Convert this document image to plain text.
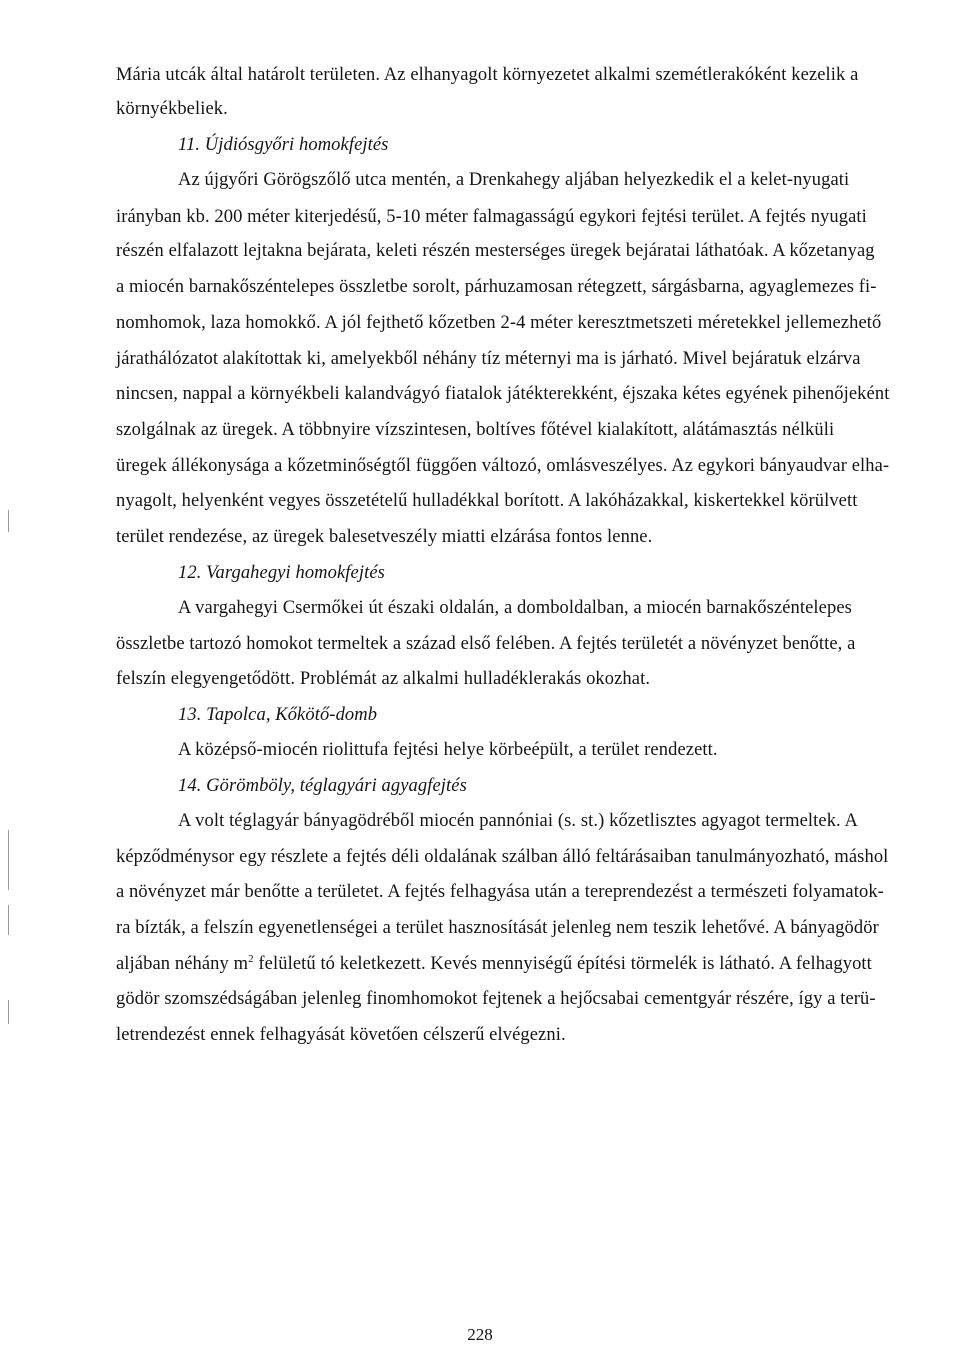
Mária utcák által határolt területen. Az elhanyagolt környezetet alkalmi szemétlerakóként kezelik a
környékbeliek.
11. Újdiósgyőri homokfejtés
Az újgyőri Görögszőlő utca mentén, a Drenkahegy aljában helyezkedik el a kelet-nyugati
irányban kb. 200 méter kiterjedésű, 5-10 méter falmagasságú egykori fejtési terület. A fejtés nyugati
részén elfalazott lejtakna bejárata, keleti részén mesterséges üregek bejáratai láthatóak. A kőzetanyag
a miocén barnakőszéntelepes összletbe sorolt, párhuzamosan rétegzett, sárgásbarna, agyaglemezes fi-
nomhomok, laza homokkő. A jól fejthető kőzetben 2-4 méter keresztmetszeti méretekkel jellemezhető
járathálózatot alakítottak ki, amelyekből néhány tíz méternyi ma is járható. Mivel bejáratuk elzárva
nincsen, nappal a környékbeli kalandvágyó fiatalok játékterekként, éjszaka kétes egyének pihenőjeként
szolgálnak az üregek. A többnyire vízszintesen, boltíves főtével kialakított, alátámasztás nélküli
üregek állékonysága a kőzetminőségtől függően változó, omlásveszélyes. Az egykori bányaudvar elha-
nyagolt, helyenként vegyes összetételű hulladékkal borított. A lakóházakkal, kiskertekkel körülvett
terület rendezése, az üregek balesetveszély miatti elzárása fontos lenne.
12. Vargahegyi homokfejtés
A vargahegyi Csermőkei út északi oldalán, a domboldalban, a miocén barnakőszéntelepes
összletbe tartozó homokot termeltek a század első felében. A fejtés területét a növényzet benőtte, a
felszín elegyengetődött. Problémát az alkalmi hulladéklerakás okozhat.
13. Tapolca, Kőkötő-domb
A középső-miocén riolittufa fejtési helye körbeépült, a terület rendezett.
14. Görömböly, téglagyári agyagfejtés
A volt téglagyár bányagödréből miocén pannóniai (s. st.) kőzetlisztes agyagot termeltek. A
képződménysor egy részlete a fejtés déli oldalának szálban álló feltárásaiban tanulmányozható, máshol
a növényzet már benőtte a területet. A fejtés felhagyása után a tereprendezést a természeti folyamatok-
ra bízták, a felszín egyenetlenségei a terület hasznosítását jelenleg nem teszik lehetővé. A bányagödör
aljában néhány $m^2$ felületű tó keletkezett. Kevés mennyiségű építési törmelék is látható. A felhagyott
gödör szomszédságában jelenleg finomhomokot fejtenek a hejőcsabai cementgyár részére, így a terü-
letrendezést ennek felhagyását követően célszerű elvégezni.
228
